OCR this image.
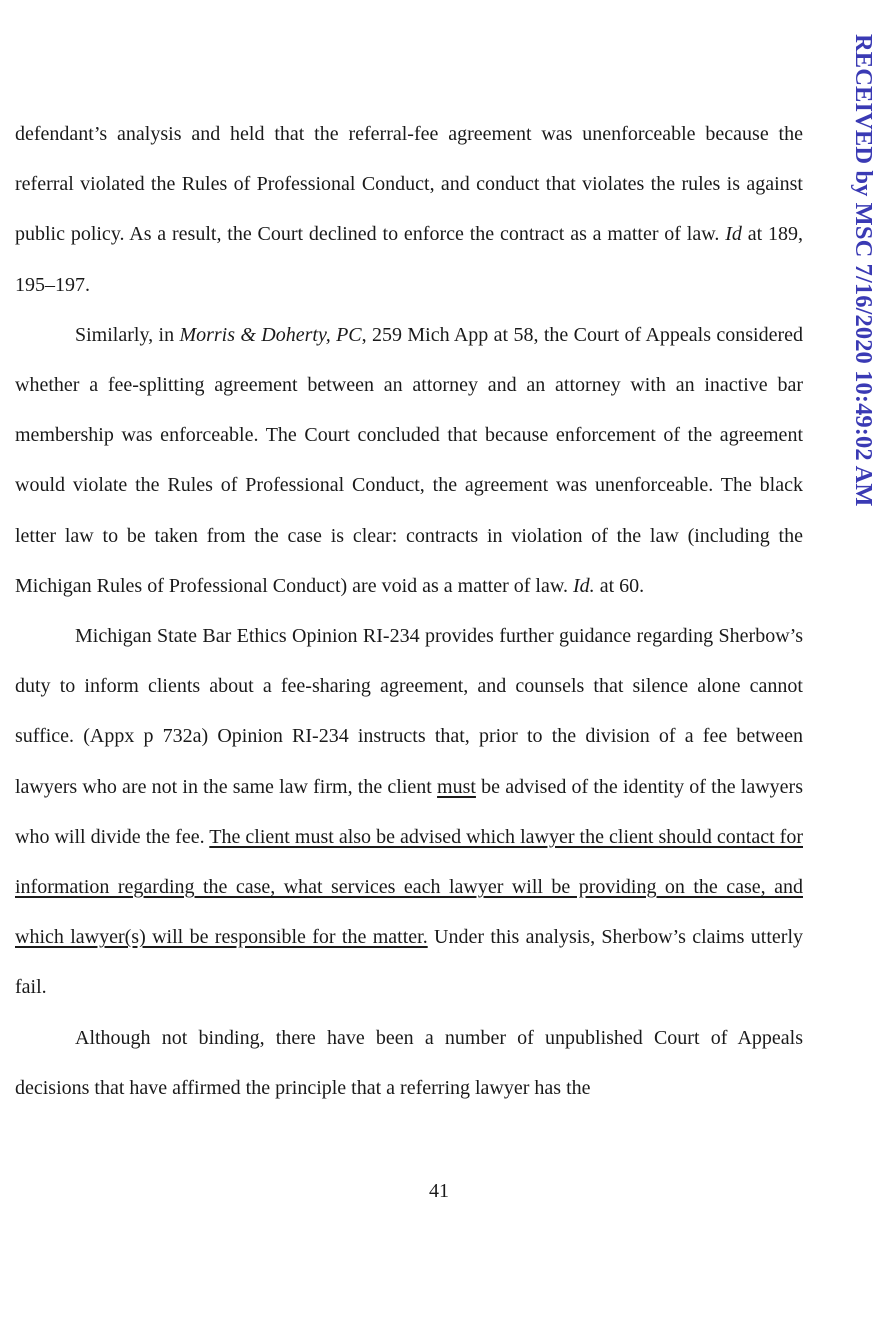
defendant’s analysis and held that the referral-fee agreement was unenforceable because the referral violated the Rules of Professional Conduct, and conduct that violates the rules is against public policy. As a result, the Court declined to enforce the contract as a matter of law. Id at 189, 195–197.

Similarly, in Morris & Doherty, PC, 259 Mich App at 58, the Court of Appeals considered whether a fee-splitting agreement between an attorney and an attorney with an inactive bar membership was enforceable. The Court concluded that because enforcement of the agreement would violate the Rules of Professional Conduct, the agreement was unenforceable. The black letter law to be taken from the case is clear: contracts in violation of the law (including the Michigan Rules of Professional Conduct) are void as a matter of law. Id. at 60.

Michigan State Bar Ethics Opinion RI-234 provides further guidance regarding Sherbow’s duty to inform clients about a fee-sharing agreement, and counsels that silence alone cannot suffice. (Appx p 732a) Opinion RI-234 instructs that, prior to the division of a fee between lawyers who are not in the same law firm, the client must be advised of the identity of the lawyers who will divide the fee. The client must also be advised which lawyer the client should contact for information regarding the case, what services each lawyer will be providing on the case, and which lawyer(s) will be responsible for the matter. Under this analysis, Sherbow’s claims utterly fail.

Although not binding, there have been a number of unpublished Court of Appeals decisions that have affirmed the principle that a referring lawyer has the

41
RECEIVED by MSC 7/16/2020 10:49:02 AM
